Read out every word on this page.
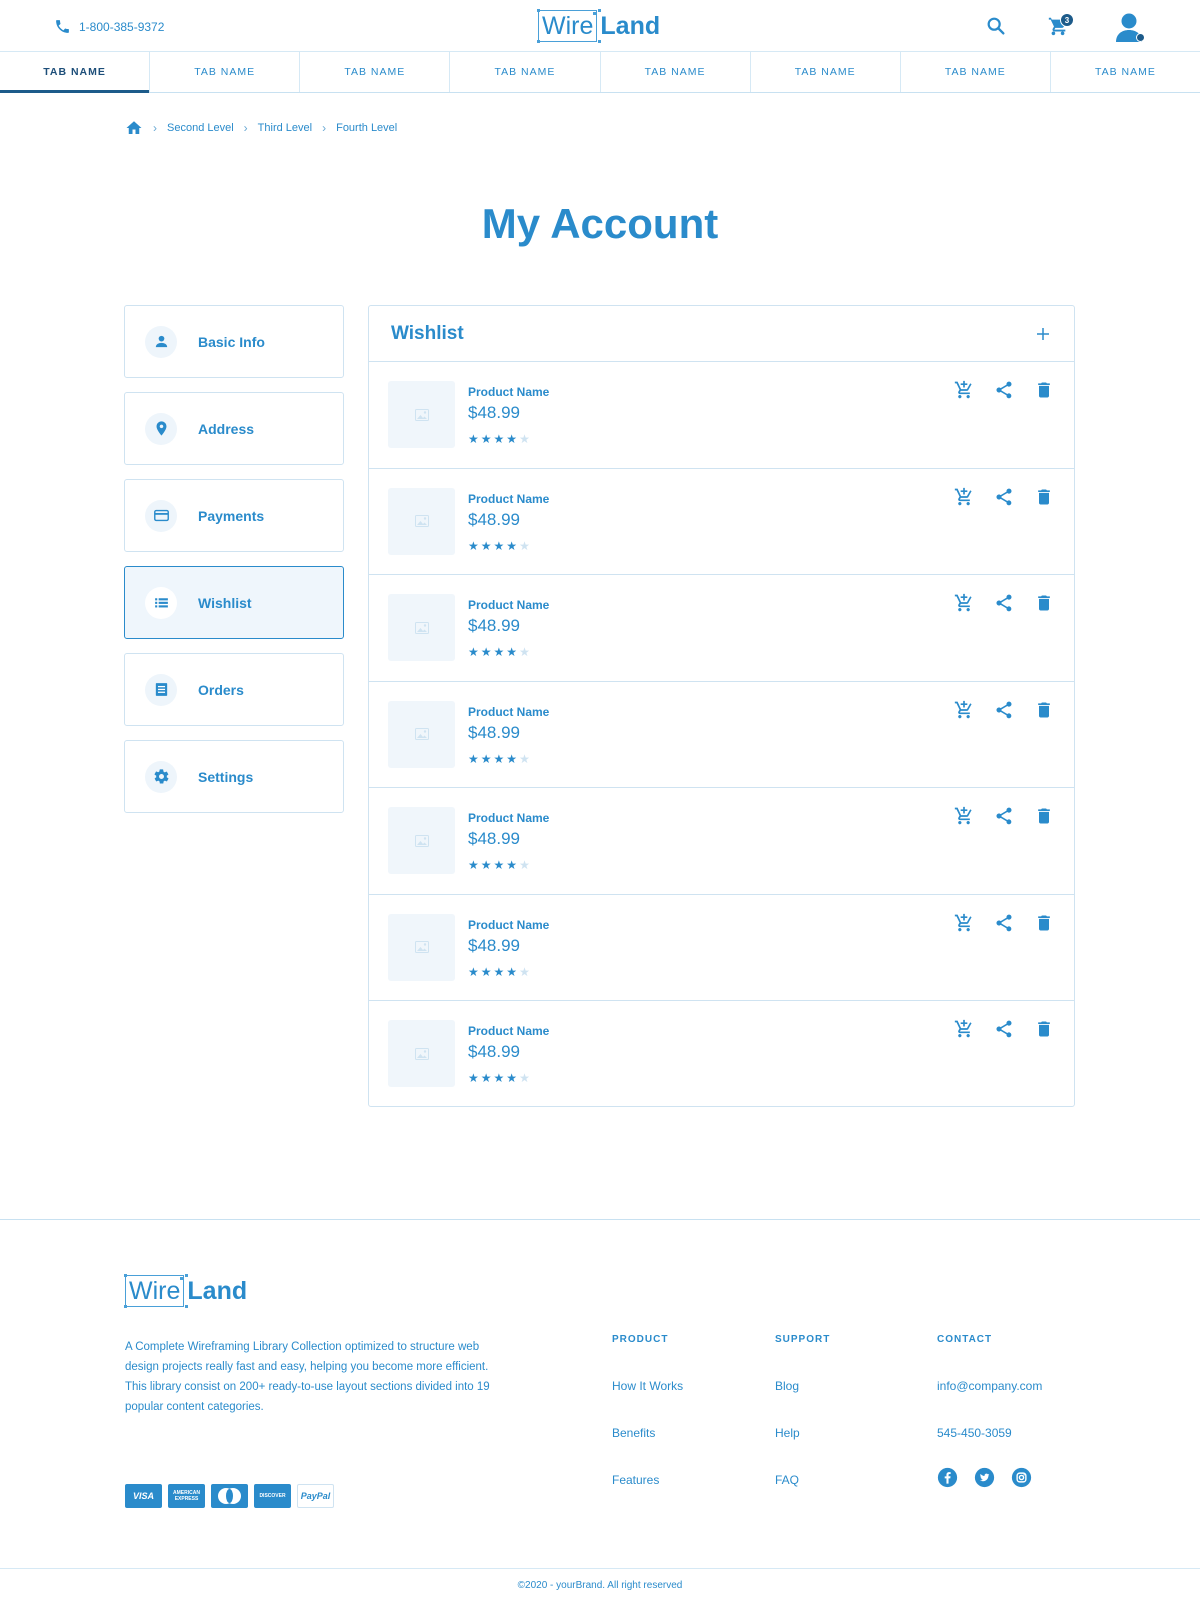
1-800-385-9372	Wire Land	3
TAB NAME	TAB NAME	TAB NAME	TAB NAME	TAB NAME	TAB NAME	TAB NAME	TAB NAME
› Second Level › Third Level › Fourth Level
My Account
Basic Info
Address
Payments
Wishlist
Orders
Settings
Wishlist
Product Name
$48.99
★ ★ ★ ★ ★
Product Name
$48.99
★ ★ ★ ★ ★
Product Name
$48.99
★ ★ ★ ★ ★
Product Name
$48.99
★ ★ ★ ★ ★
Product Name
$48.99
★ ★ ★ ★ ★
Product Name
$48.99
★ ★ ★ ★ ★
Product Name
$48.99
★ ★ ★ ★ ★
Wire Land

A Complete Wireframing Library Collection optimized to structure web design projects really fast and easy, helping you become more efficient. This library consist on 200+ ready-to-use layout sections divided into 19 popular content categories.

VISA	AMERICAN EXPRESS	DISCOVER	PayPal
PRODUCT
How It Works
Benefits
Features
SUPPORT
Blog
Help
FAQ
CONTACT
info@company.com
545-450-3059
©2020 - yourBrand. All right reserved
